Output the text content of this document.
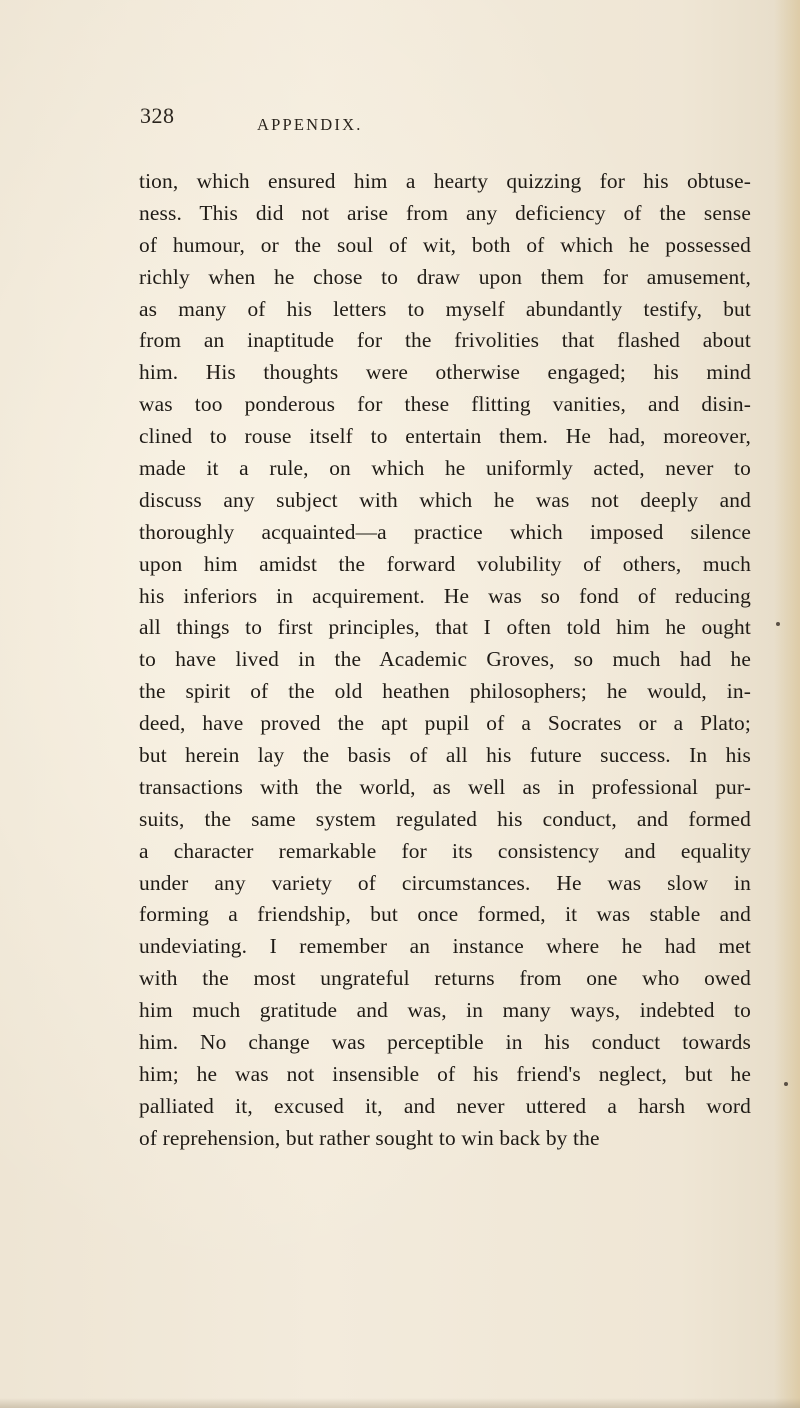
328	APPENDIX.
tion, which ensured him a hearty quizzing for his obtuse-
ness. This did not arise from any deficiency of the sense
of humour, or the soul of wit, both of which he possessed
richly when he chose to draw upon them for amusement,
as many of his letters to myself abundantly testify, but
from an inaptitude for the frivolities that flashed about
him. His thoughts were otherwise engaged; his mind
was too ponderous for these flitting vanities, and disin-
clined to rouse itself to entertain them. He had, moreover,
made it a rule, on which he uniformly acted, never to
discuss any subject with which he was not deeply and
thoroughly acquainted—a practice which imposed silence
upon him amidst the forward volubility of others, much
his inferiors in acquirement. He was so fond of reducing
all things to first principles, that I often told him he ought
to have lived in the Academic Groves, so much had he
the spirit of the old heathen philosophers; he would, in-
deed, have proved the apt pupil of a Socrates or a Plato;
but herein lay the basis of all his future success. In his
transactions with the world, as well as in professional pur-
suits, the same system regulated his conduct, and formed
a character remarkable for its consistency and equality
under any variety of circumstances. He was slow in
forming a friendship, but once formed, it was stable and
undeviating. I remember an instance where he had met
with the most ungrateful returns from one who owed
him much gratitude and was, in many ways, indebted to
him. No change was perceptible in his conduct towards
him; he was not insensible of his friend's neglect, but he
palliated it, excused it, and never uttered a harsh word
of reprehension, but rather sought to win back by the
